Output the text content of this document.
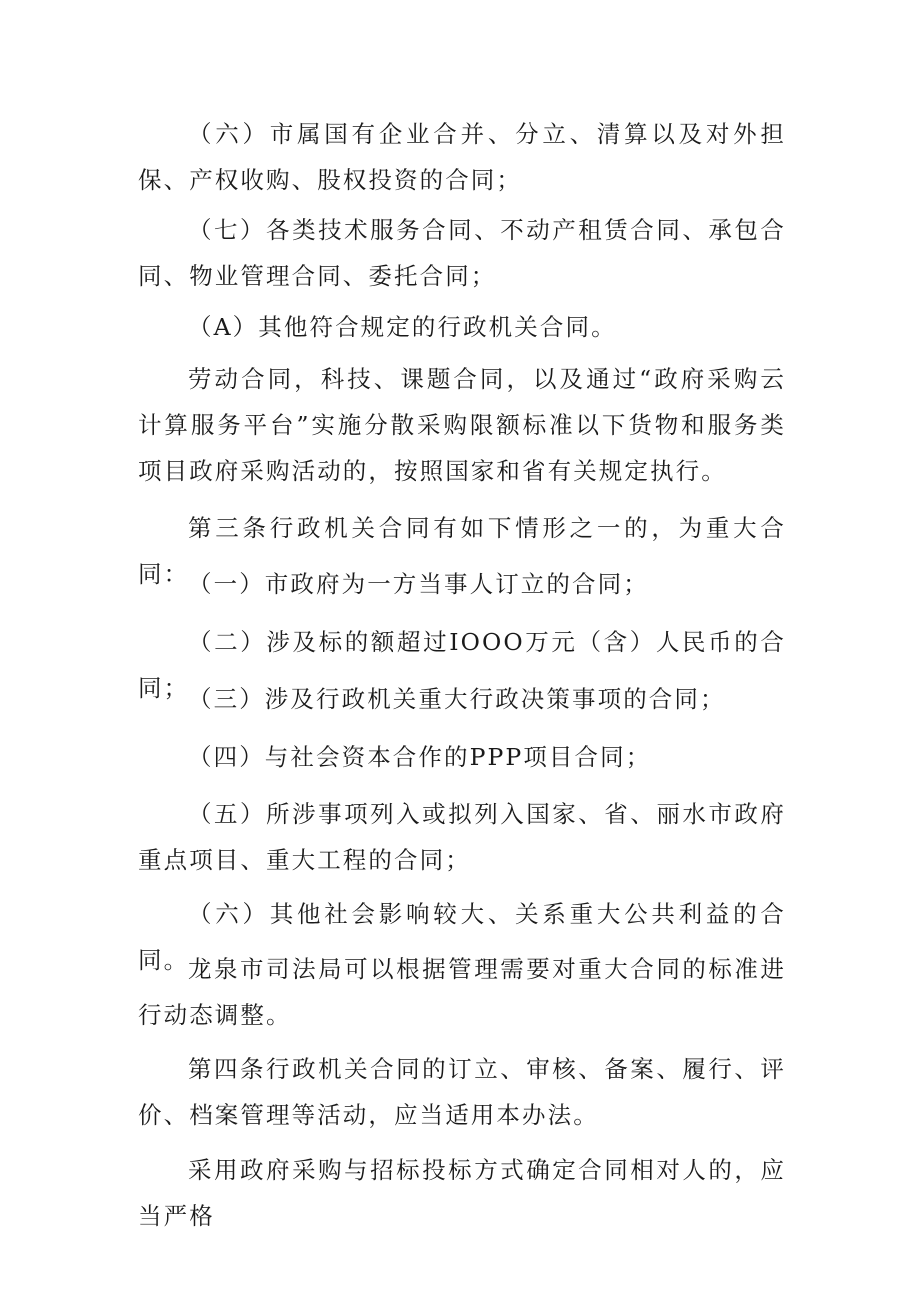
（六）市属国有企业合并、分立、清算以及对外担保、产权收购、股权投资的合同；

（七）各类技术服务合同、不动产租赁合同、承包合同、物业管理合同、委托合同；

（A）其他符合规定的行政机关合同。

劳动合同，科技、课题合同，以及通过“政府采购云计算服务平台”实施分散采购限额标准以下货物和服务类项目政府采购活动的，按照国家和省有关规定执行。

第三条行政机关合同有如下情形之一的，为重大合同：

（一）市政府为一方当事人订立的合同；

（二）涉及标的额超过IOOO万元（含）人民币的合同；

（三）涉及行政机关重大行政决策事项的合同；

（四）与社会资本合作的PPP项目合同；

（五）所涉事项列入或拟列入国家、省、丽水市政府重点项目、重大工程的合同；

（六）其他社会影响较大、关系重大公共利益的合同。

龙泉市司法局可以根据管理需要对重大合同的标准进行动态调整。

第四条行政机关合同的订立、审核、备案、履行、评价、档案管理等活动，应当适用本办法。

采用政府采购与招标投标方式确定合同相对人的，应当严格
